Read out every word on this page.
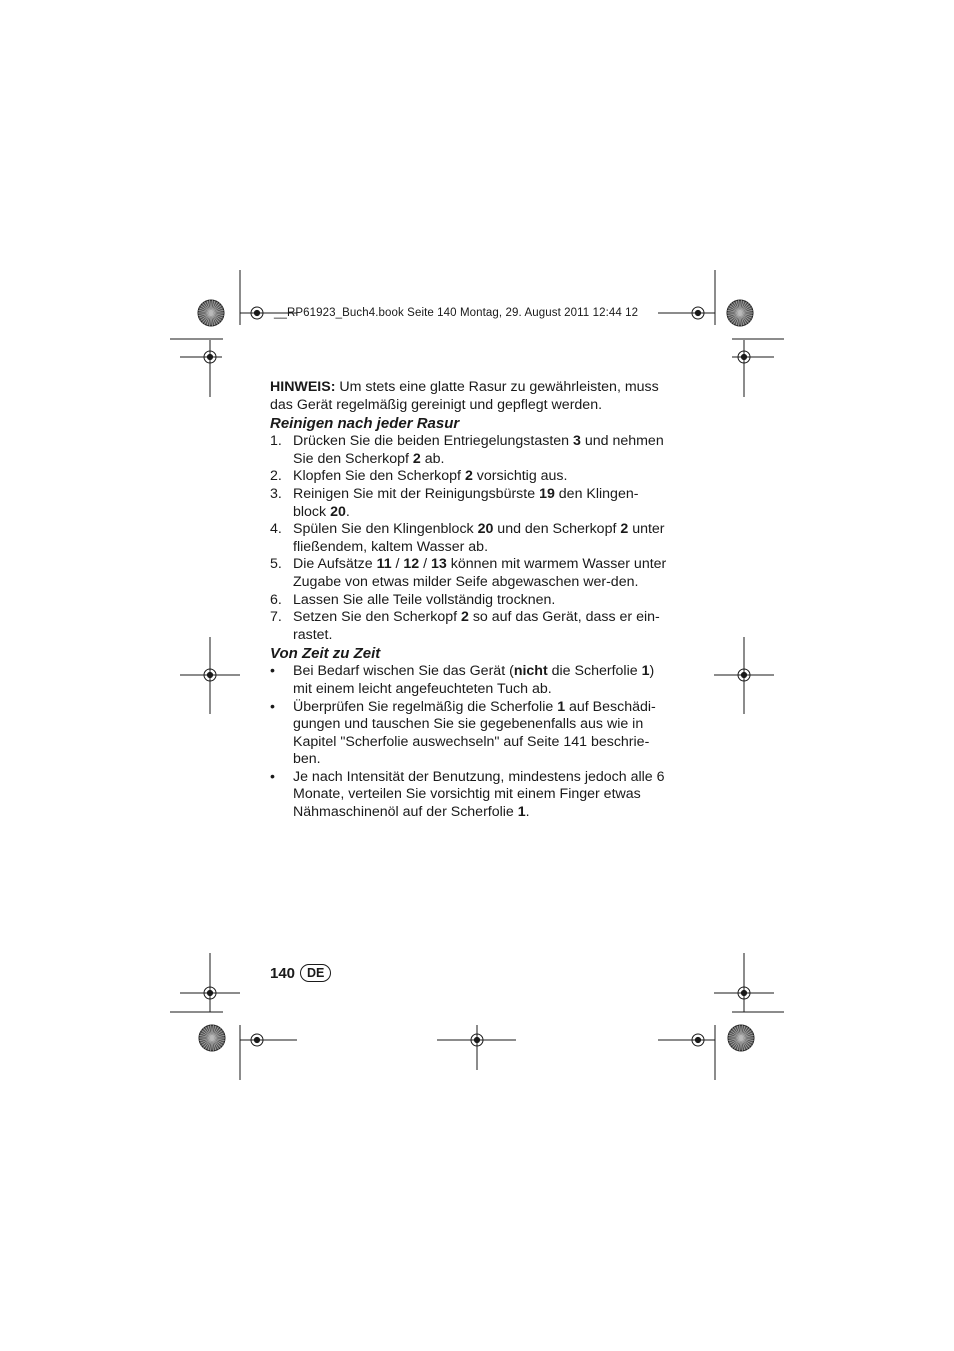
__RP61923_Buch4.book Seite 140 Montag, 29. August 2011 12:44 12

HINWEIS: Um stets eine glatte Rasur zu gewährleisten, muss das Gerät regelmäßig gereinigt und gepflegt werden.

Reinigen nach jeder Rasur

1. Drücken Sie die beiden Entriegelungstasten 3 und nehmen Sie den Scherkopf 2 ab.
2. Klopfen Sie den Scherkopf 2 vorsichtig aus.
3. Reinigen Sie mit der Reinigungsbürste 19 den Klingen-block 20.
4. Spülen Sie den Klingenblock 20 und den Scherkopf 2 unter fließendem, kaltem Wasser ab.
5. Die Aufsätze 11 / 12 / 13 können mit warmem Wasser unter Zugabe von etwas milder Seife abgewaschen wer-den.
6. Lassen Sie alle Teile vollständig trocknen.
7. Setzen Sie den Scherkopf 2 so auf das Gerät, dass er ein-rastet.

Von Zeit zu Zeit

• Bei Bedarf wischen Sie das Gerät (nicht die Scherfolie 1) mit einem leicht angefeuchteten Tuch ab.
• Überprüfen Sie regelmäßig die Scherfolie 1 auf Beschädi-gungen und tauschen Sie sie gegebenenfalls aus wie in Kapitel "Scherfolie auswechseln" auf Seite 141 beschrie-ben.
• Je nach Intensität der Benutzung, mindestens jedoch alle 6 Monate, verteilen Sie vorsichtig mit einem Finger etwas Nähmaschinenöl auf der Scherfolie 1.
140 DE
